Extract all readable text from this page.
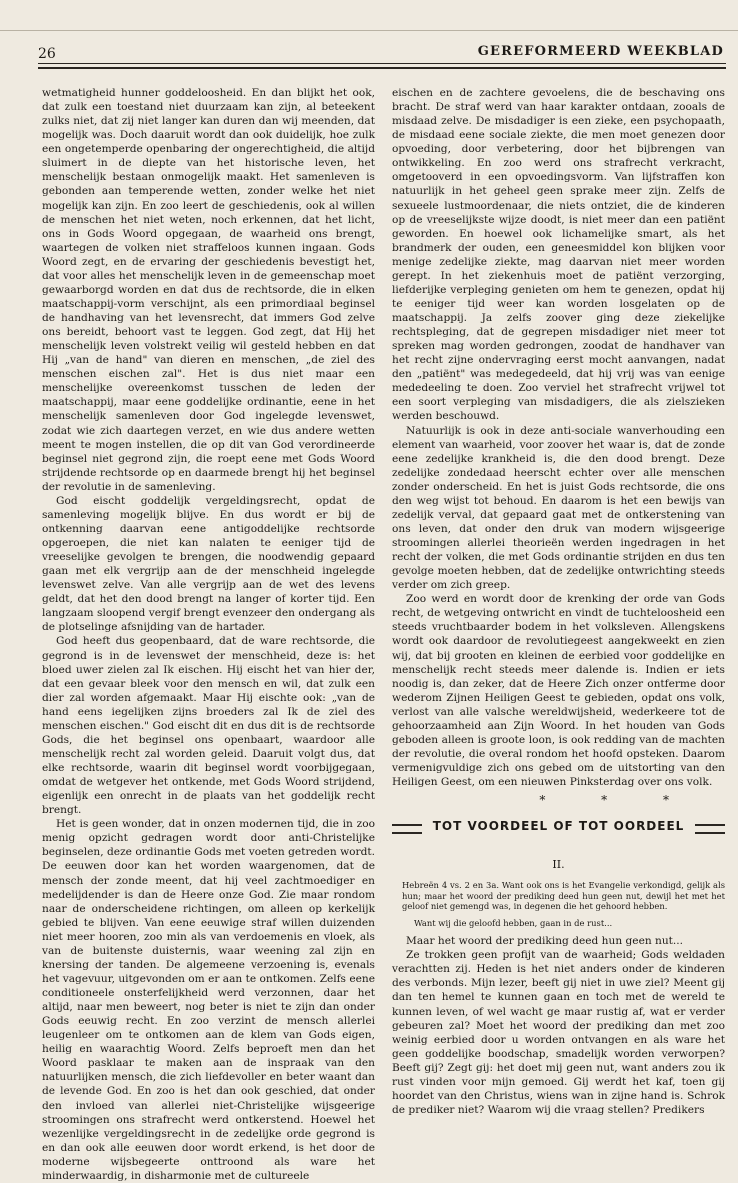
26	GEREFORMEERD WEEKBLAD

wetmatigheid hunner goddeloosheid. En dan blijkt het ook, dat zulk een toestand niet duurzaam kan zijn, al beteekent zulks niet, dat zij niet langer kan duren dan wij meenden, dat mogelijk was. Doch daaruit wordt dan ook duidelijk, hoe zulk een ongetemperde openbaring der ongerechtigheid, die altijd sluimert in de diepte van het historische leven, het menschelijk bestaan onmogelijk maakt. Het samenleven is gebonden aan temperende wetten, zonder welke het niet mogelijk kan zijn. En zoo leert de geschiedenis, ook al willen de menschen het niet weten, noch erkennen, dat het licht, ons in Gods Woord opgegaan, de waarheid ons brengt, waartegen de volken niet straffeloos kunnen ingaan. Gods Woord zegt, en de ervaring der geschiedenis bevestigt het, dat voor alles het menschelijk leven in de gemeenschap moet gewaarborgd worden en dat dus de rechtsorde, die in elken maatschappij-vorm verschijnt, als een primordiaal beginsel de handhaving van het levensrecht, dat immers God zelve ons bereidt, behoort vast te leggen. God zegt, dat Hij het menschelijk leven volstrekt veilig wil gesteld hebben en dat Hij „van de hand" van dieren en menschen, „de ziel des menschen eischen zal". Het is dus niet maar een menschelijke overeenkomst tusschen de leden der maatschappij, maar eene goddelijke ordinantie, eene in het menschelijk samenleven door God ingelegde levenswet, zodat wie zich daartegen verzet, en wie dus andere wetten meent te mogen instellen, die op dit van God verordineerde beginsel niet gegrond zijn, die roept eene met Gods Woord strijdende rechtsorde op en daarmede brengt hij het beginsel der revolutie in de samenleving.

God eischt goddelijk vergeldingsrecht, opdat de samenleving mogelijk blijve. En dus wordt er bij de ontkenning daarvan eene antigoddelijke rechtsorde opgeroepen, die niet kan nalaten te eeniger tijd de vreeselijke gevolgen te brengen, die noodwendig gepaard gaan met elk vergrijp aan de der menschheid ingelegde levenswet zelve. Van alle vergrijp aan de wet des levens geldt, dat het den dood brengt na langer of korter tijd. Een langzaam sloopend vergif brengt evenzeer den ondergang als de plotselinge afsnijding van de hartader.

God heeft dus geopenbaard, dat de ware rechtsorde, die gegrond is in de levenswet der menschheid, deze is: het bloed uwer zielen zal Ik eischen. Hij eischt het van hier der, dat een gevaar bleek voor den mensch en wil, dat zulk een dier zal worden afgemaakt. Maar Hij eischte ook: „van de hand eens iegelijken zijns broeders zal Ik de ziel des menschen eischen." God eischt dit en dus dit is de rechtsorde Gods, die het beginsel ons openbaart, waardoor alle menschelijk recht zal worden geleid. Daaruit volgt dus, dat elke rechtsorde, waarin dit beginsel wordt voorbijgegaan, omdat de wetgever het ontkende, met Gods Woord strijdend, eigenlijk een onrecht in de plaats van het goddelijk recht brengt.

Het is geen wonder, dat in onzen modernen tijd, die in zoo menig opzicht gedragen wordt door anti-Christelijke beginselen, deze ordinantie Gods met voeten getreden wordt. De eeuwen door kan het worden waargenomen, dat de mensch der zonde meent, dat hij veel zachtmoediger en medelijdender is dan de Heere onze God. Zie maar rondom naar de onderscheidene richtingen, om alleen op kerkelijk gebied te blijven. Van eene eeuwige straf willen duizenden niet meer hooren, zoo min als van verdoemenis en vloek, als van de buitenste duisternis, waar weening zal zijn en knersing der tanden. De algemeene verzoening is, evenals het vagevuur, uitgevonden om er aan te ontkomen. Zelfs eene conditioneele onsterfelijkheid werd verzonnen, daar het altijd, naar men beweert, nog beter is niet te zijn dan onder Gods eeuwig recht. En zoo verzint de mensch allerlei leugenleer om te ontkomen aan de klem van Gods eigen, heilig en waarachtig Woord. Zelfs beproeft men dan het Woord pasklaar te maken aan de inspraak van den natuurlijken mensch, die zich liefdevoller en beter waant dan de levende God. En zoo is het dan ook geschied, dat onder den invloed van allerlei niet-Christelijke wijsgeerige stroomingen ons strafrecht werd ontkerstend. Hoewel het wezenlijke vergeldingsrecht in de zedelijke orde gegrond is en dan ook alle eeuwen door wordt erkend, is het door de moderne wijsbegeerte onttroond als ware het minderwaardig, in disharmonie met de cultureele

eischen en de zachtere gevoelens, die de beschaving ons bracht. De straf werd van haar karakter ontdaan, zooals de misdaad zelve. De misdadiger is een zieke, een psychopaath, de misdaad eene sociale ziekte, die men moet genezen door opvoeding, door verbetering, door het bijbrengen van ontwikkeling. En zoo werd ons strafrecht verkracht, omgetooverd in een opvoedingsvorm. Van lijfstraffen kon natuurlijk in het geheel geen sprake meer zijn. Zelfs de sexueele lustmoordenaar, die niets ontziet, die de kinderen op de vreeselijkste wijze doodt, is niet meer dan een patiënt geworden. En hoewel ook lichamelijke smart, als het brandmerk der ouden, een geneesmiddel kon blijken voor menige zedelijke ziekte, mag daarvan niet meer worden gerept. In het ziekenhuis moet de patiënt verzorging, liefderijke verpleging genieten om hem te genezen, opdat hij te eeniger tijd weer kan worden losgelaten op de maatschappij. Ja zelfs zoover ging deze ziekelijke rechtspleging, dat de gegrepen misdadiger niet meer tot spreken mag worden gedrongen, zoodat de handhaver van het recht zijne ondervraging eerst mocht aanvangen, nadat den „patiënt" was medegedeeld, dat hij vrij was van eenige mededeeling te doen. Zoo verviel het strafrecht vrijwel tot een soort verpleging van misdadigers, die als zielszieken werden beschouwd.

Natuurlijk is ook in deze anti-sociale wanverhouding een element van waarheid, voor zoover het waar is, dat de zonde eene zedelijke krankheid is, die den dood brengt. Deze zedelijke zondedaad heerscht echter over alle menschen zonder onderscheid. En het is juist Gods rechtsorde, die ons den weg wijst tot behoud. En daarom is het een bewijs van zedelijk verval, dat gepaard gaat met de ontkerstening van ons leven, dat onder den druk van modern wijsgeerige stroomingen allerlei theorieën werden ingedragen in het recht der volken, die met Gods ordinantie strijden en dus ten gevolge moeten hebben, dat de zedelijke ontwrichting steeds verder om zich greep.

Zoo werd en wordt door de krenking der orde van Gods recht, de wetgeving ontwricht en vindt de tuchteloosheid een steeds vruchtbaarder bodem in het volksleven. Allengskens wordt ook daardoor de revolutiegeest aangekweekt en zien wij, dat bij grooten en kleinen de eerbied voor goddelijke en menschelijk recht steeds meer dalende is. Indien er iets noodig is, dan zeker, dat de Heere Zich onzer ontferme door wederom Zijnen Heiligen Geest te gebieden, opdat ons volk, verlost van alle valsche wereldwijsheid, wederkeere tot de gehoorzaamheid aan Zijn Woord. In het houden van Gods geboden alleen is groote loon, is ook redding van de machten der revolutie, die overal rondom het hoofd opsteken. Daarom vermenigvuldige zich ons gebed om de uitstorting van den Heiligen Geest, om een nieuwen Pinksterdag over ons volk.

* * *
TOT VOORDEEL OF TOT OORDEEL
II.

Hebreën 4 vs. 2 en 3a. Want ook ons is het Evangelie verkondigd, gelijk als hun; maar het woord der prediking deed hun geen nut, dewijl het met het geloof niet gemengd was, in degenen die het gehoord hebben.

Want wij die geloofd hebben, gaan in de rust...

Maar het woord der prediking deed hun geen nut...

Ze trokken geen profijt van de waarheid; Gods weldaden verachtten zij. Heden is het niet anders onder de kinderen des verbonds. Mijn lezer, beeft gij niet in uwe ziel? Meent gij dan ten hemel te kunnen gaan en toch met de wereld te kunnen leven, of wel wacht ge maar rustig af, wat er verder gebeuren zal? Moet het woord der prediking dan met zoo weinig eerbied door u worden ontvangen en als ware het geen goddelijke boodschap, smadelijk worden verworpen? Beeft gij? Zegt gij: het doet mij geen nut, want anders zou ik rust vinden voor mijn gemoed. Gij werdt het kaf, toen gij hoordet van den Christus, wiens wan in zijne hand is. Schrok de prediker niet? Waarom wij die vraag stellen? Predikers
